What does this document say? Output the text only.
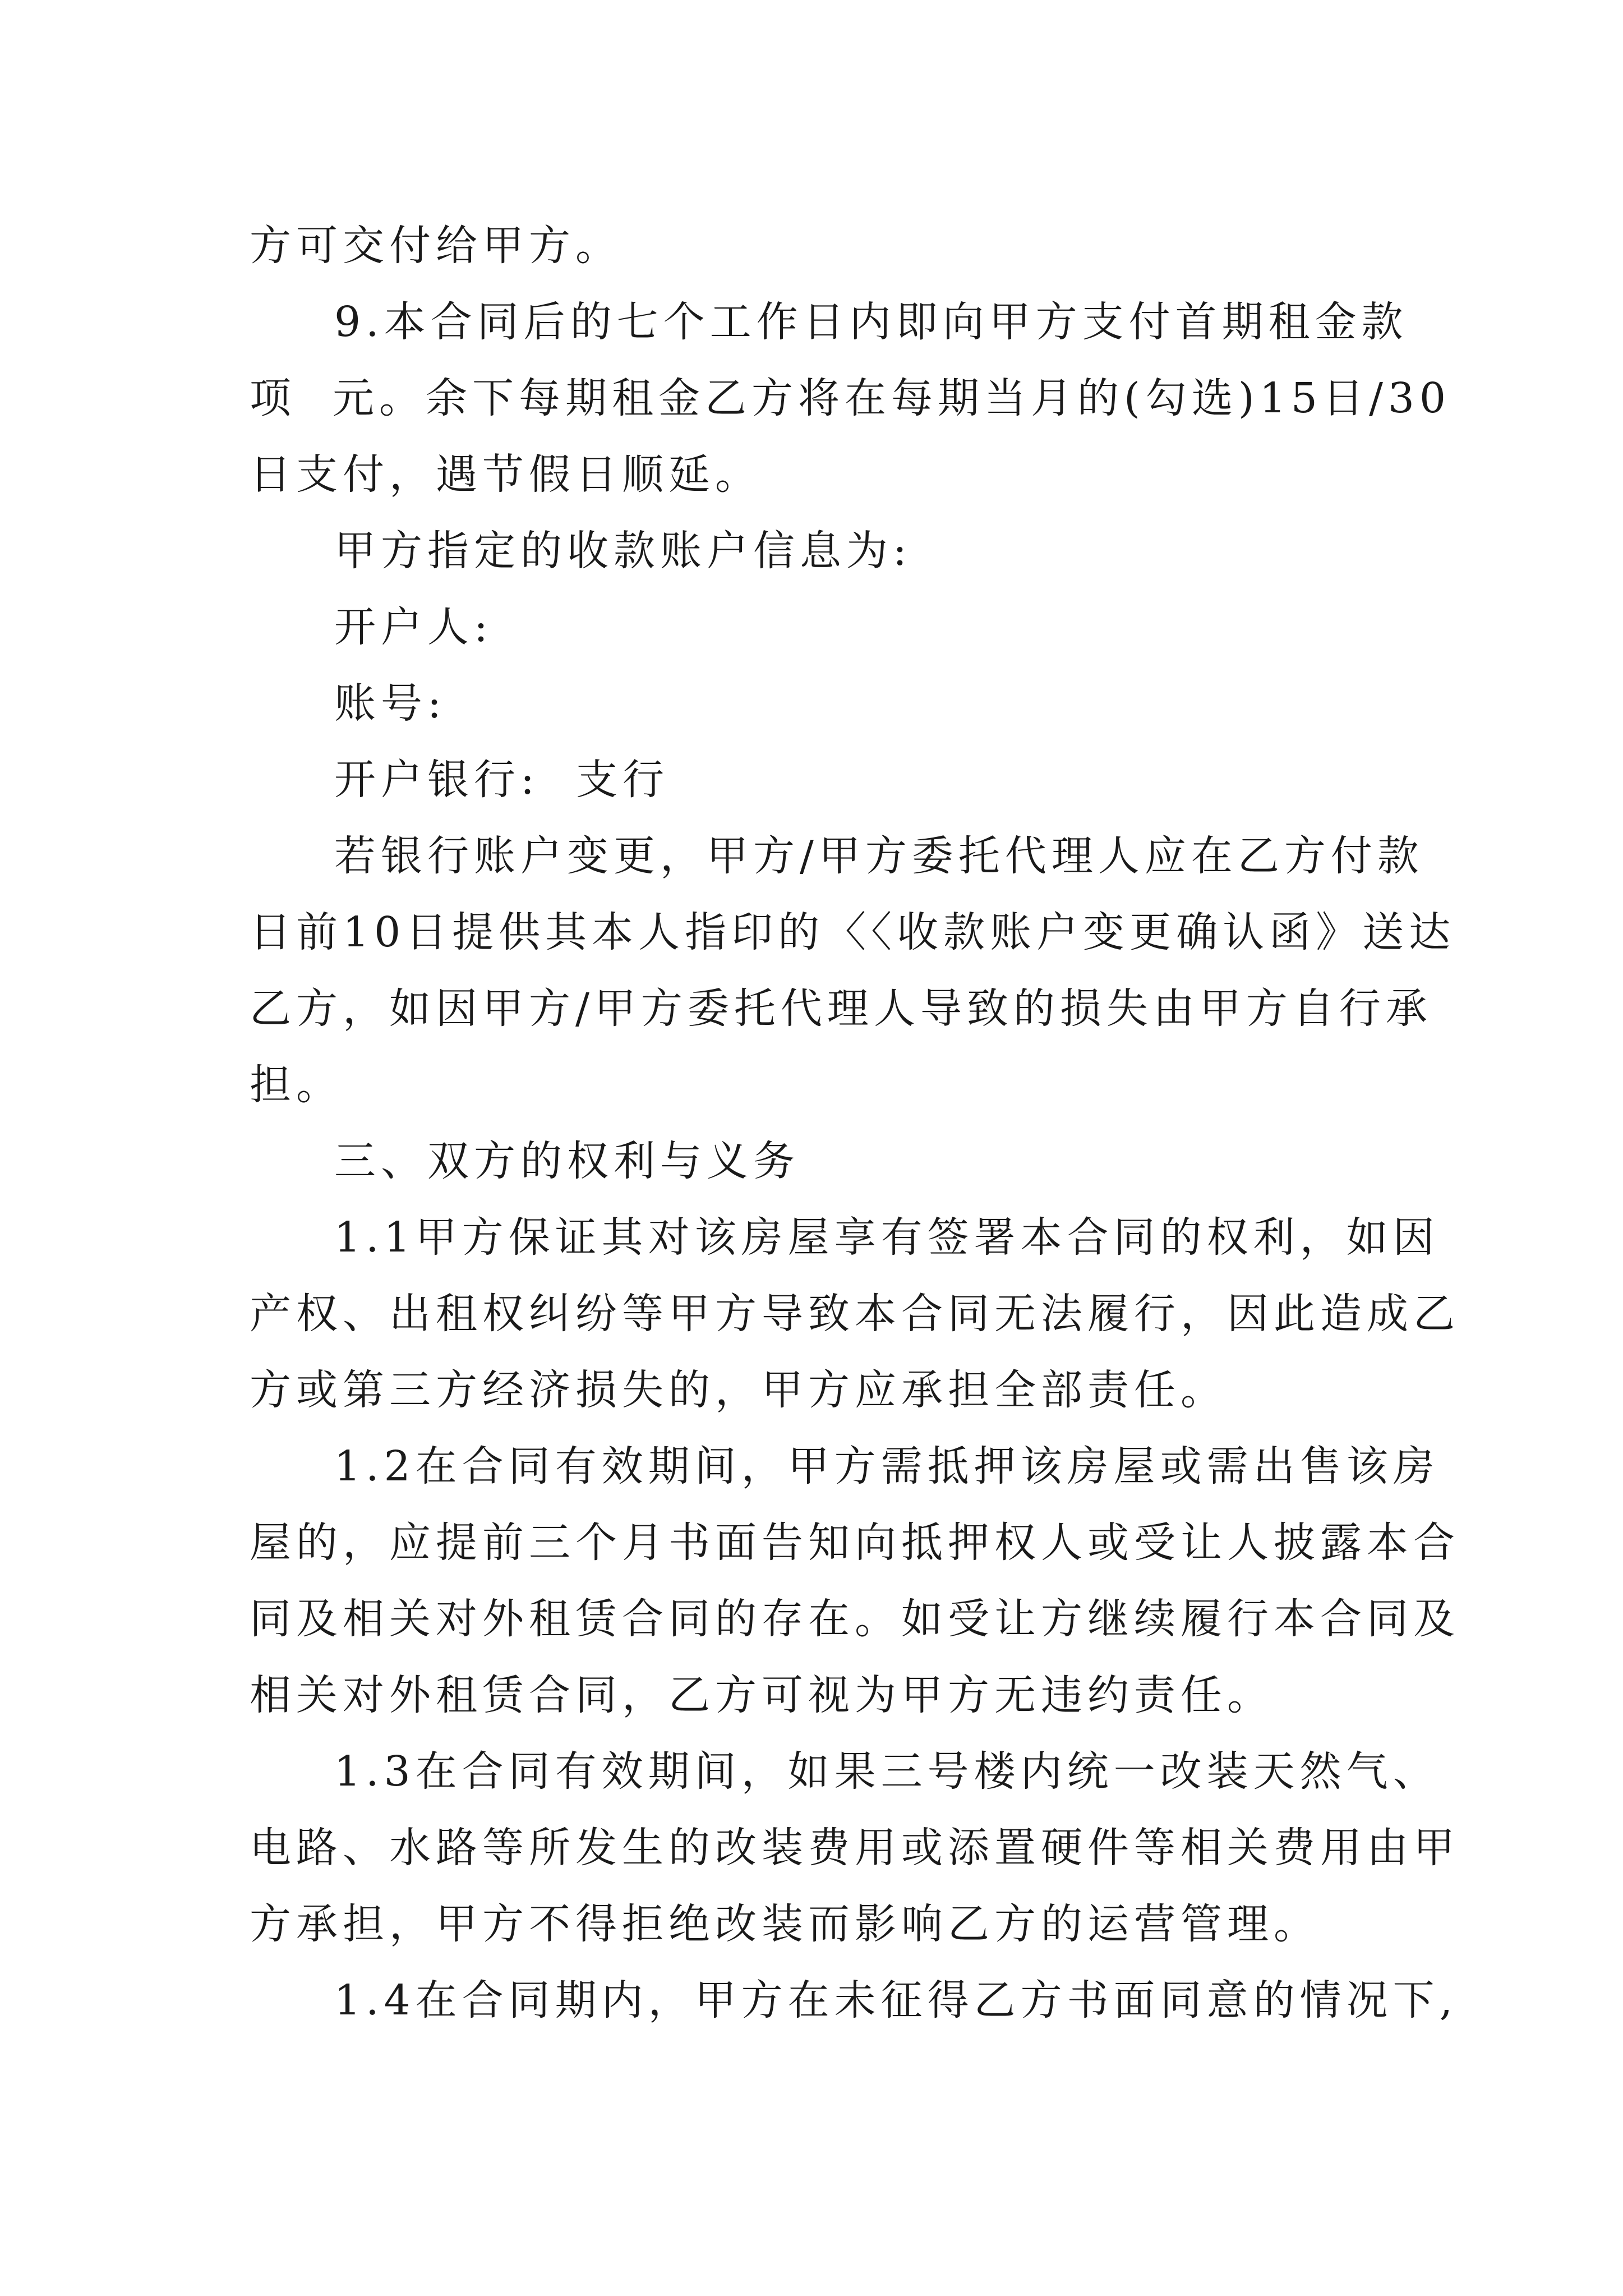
方可交付给甲方。
9.本合同后的七个工作日内即向甲方支付首期租金款
项  元。余下每期租金乙方将在每期当月的(勾选)15日/30
日支付，遇节假日顺延。
甲方指定的收款账户信息为:
开户人:
账号:
开户银行:  支行
若银行账户变更，甲方/甲方委托代理人应在乙方付款
日前10日提供其本人指印的〈〈收款账户变更确认函》送达
乙方，如因甲方/甲方委托代理人导致的损失由甲方自行承
担。
三、双方的权利与义务
1.1甲方保证其对该房屋享有签署本合同的权利，如因
产权、出租权纠纷等甲方导致本合同无法履行，因此造成乙
方或第三方经济损失的，甲方应承担全部责任。
1.2在合同有效期间，甲方需抵押该房屋或需出售该房
屋的，应提前三个月书面告知向抵押权人或受让人披露本合
同及相关对外租赁合同的存在。如受让方继续履行本合同及
相关对外租赁合同，乙方可视为甲方无违约责任。
1.3在合同有效期间，如果三号楼内统一改装天然气、
电路、水路等所发生的改装费用或添置硬件等相关费用由甲
方承担，甲方不得拒绝改装而影响乙方的运营管理。
1.4在合同期内，甲方在未征得乙方书面同意的情况下,
